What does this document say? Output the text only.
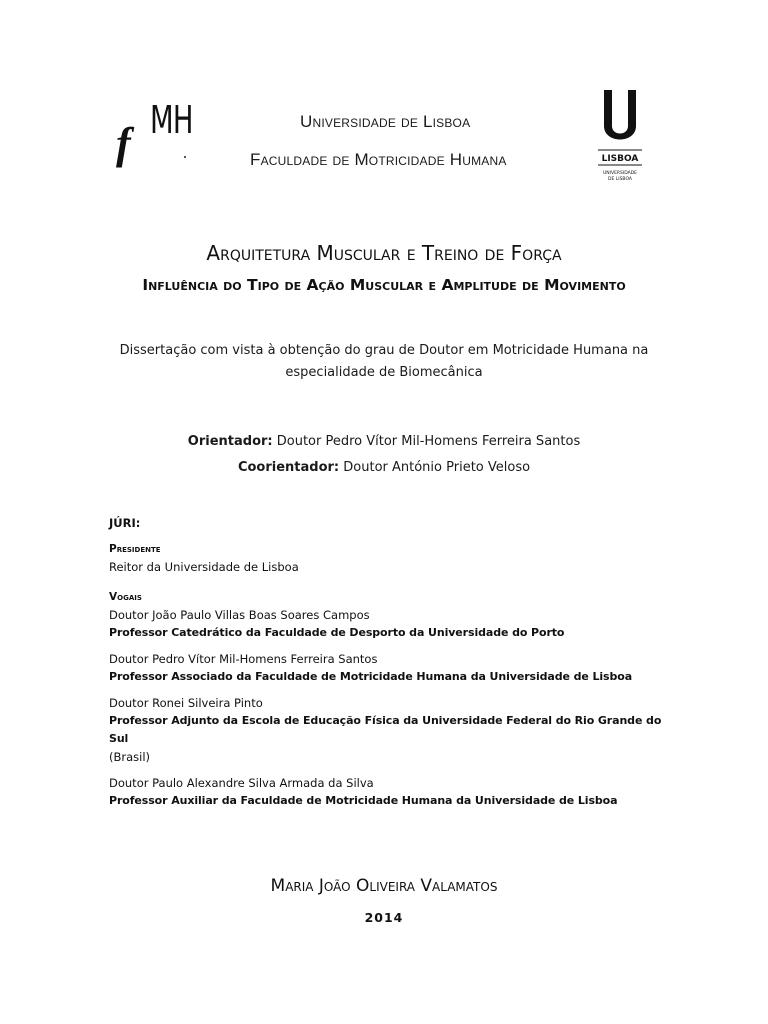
f MH	Universidade de Lisboa
Faculdade de Motricidade Humana	LISBOA
UNIVERSIDADE
DE LISBOA
Arquitetura Muscular e Treino de Força
Influência do Tipo de Ação Muscular e Amplitude de Movimento
Dissertação com vista à obtenção do grau de Doutor em Motricidade Humana na
especialidade de Biomecânica
Orientador: Doutor Pedro Vítor Mil-Homens Ferreira Santos
Coorientador: Doutor António Prieto Veloso
JÚRI:
Presidente
Reitor da Universidade de Lisboa
Vogais
Doutor João Paulo Villas Boas Soares Campos
Professor Catedrático da Faculdade de Desporto da Universidade do Porto
Doutor Pedro Vítor Mil-Homens Ferreira Santos
Professor Associado da Faculdade de Motricidade Humana da Universidade de Lisboa
Doutor Ronei Silveira Pinto
Professor Adjunto da Escola de Educação Física da Universidade Federal do Rio Grande do Sul
(Brasil)
Doutor Paulo Alexandre Silva Armada da Silva
Professor Auxiliar da Faculdade de Motricidade Humana da Universidade de Lisboa
Maria João Oliveira Valamatos
2014
